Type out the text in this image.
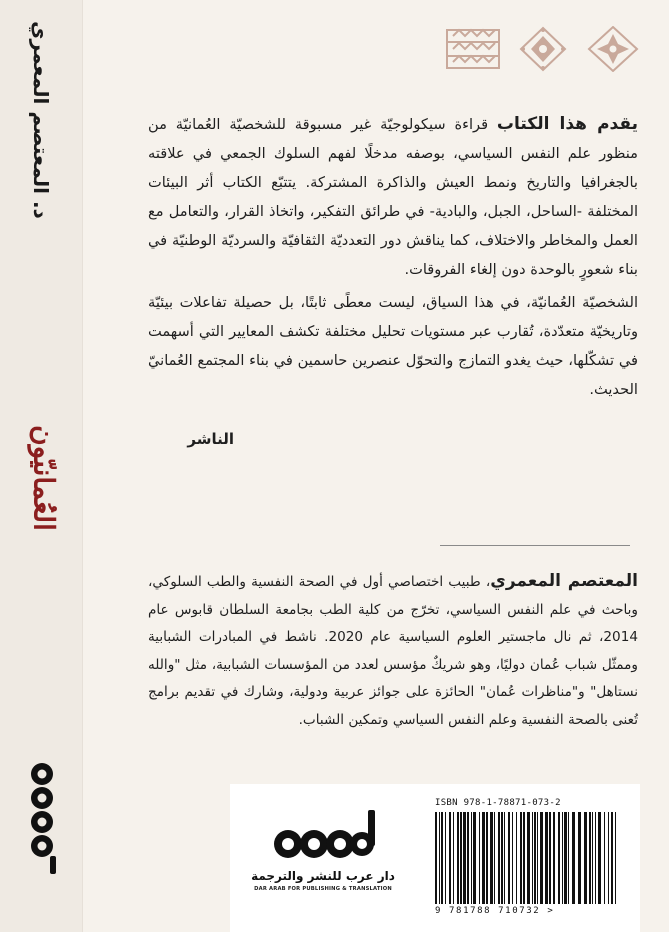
د. المعتصم المعمري
العُمانيّون

يقدم هذا الكتاب قراءة سيكولوجيّة غير مسبوقة للشخصيّة العُمانيّة من منظور علم النفس السياسي، بوصفه مدخلًا لفهم السلوك الجمعي في علاقته بالجغرافيا والتاريخ ونمط العيش والذاكرة المشتركة. يتتبّع الكتاب أثر البيئات المختلفة -الساحل، الجبل، والبادية- في طرائق التفكير، واتخاذ القرار، والتعامل مع العمل والمخاطر والاختلاف، كما يناقش دور التعدديّة الثقافيّة والسرديّة الوطنيّة في بناء شعورٍ بالوحدة دون إلغاء الفروقات.

الشخصيّة العُمانيّة، في هذا السياق، ليست معطًى ثابتًا، بل حصيلة تفاعلات بيئيّة وتاريخيّة متعدّدة، تُقارب عبر مستويات تحليل مختلفة تكشف المعايير التي أسهمت في تشكّلها، حيث يغدو التمازج والتحوّل عنصرين حاسمين في بناء المجتمع العُمانيّ الحديث.

الناشر
المعتصم المعمري، طبيب اختصاصي أول في الصحة النفسية والطب السلوكي، وباحث في علم النفس السياسي، تخرّج من كلية الطب بجامعة السلطان قابوس عام 2014، ثم نال ماجستير العلوم السياسية عام 2020. ناشط في المبادرات الشبابية وممثّل شباب عُمان دوليًا، وهو شريكٌ مؤسس لعدد من المؤسسات الشبابية، مثل "والله نستاهل" و"مناظرات عُمان" الحائزة على جوائز عربية ودولية، وشارك في تقديم برامج تُعنى بالصحة النفسية وعلم النفس السياسي وتمكين الشباب.
دار عرب للنشر والترجمة
DAR ARAB FOR PUBLISHING & TRANSLATION
ISBN 978-1-78871-073-2
9 781788 710732 >
